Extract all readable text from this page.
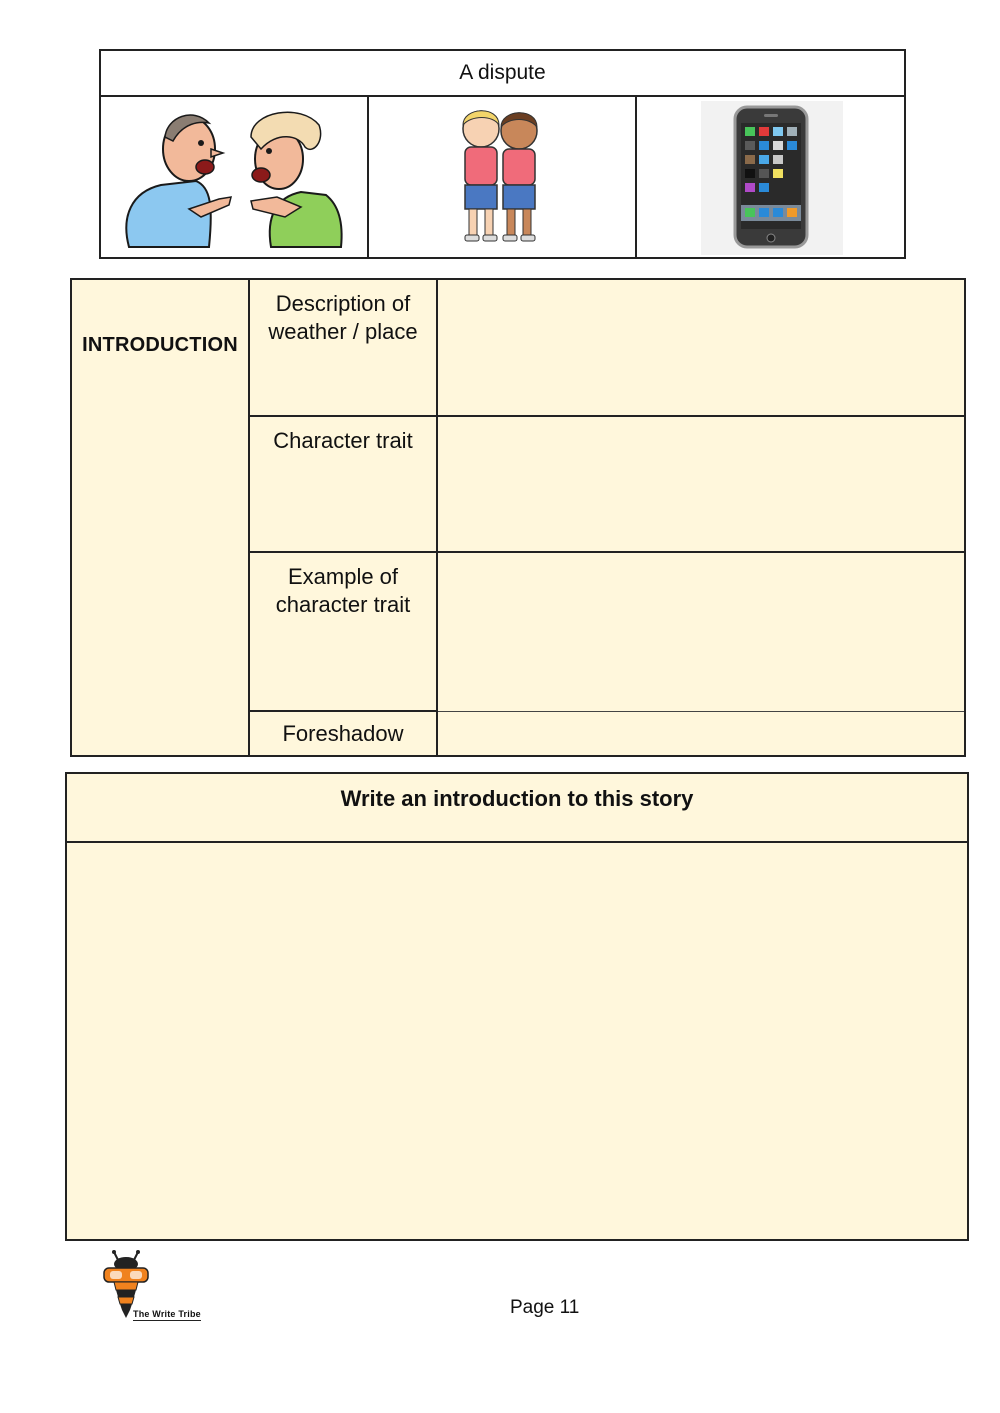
A dispute
INTRODUCTION
Description of
weather / place
Character trait
Example of
character trait
Foreshadow
Write an introduction to this story
The Write Tribe	Page 11
